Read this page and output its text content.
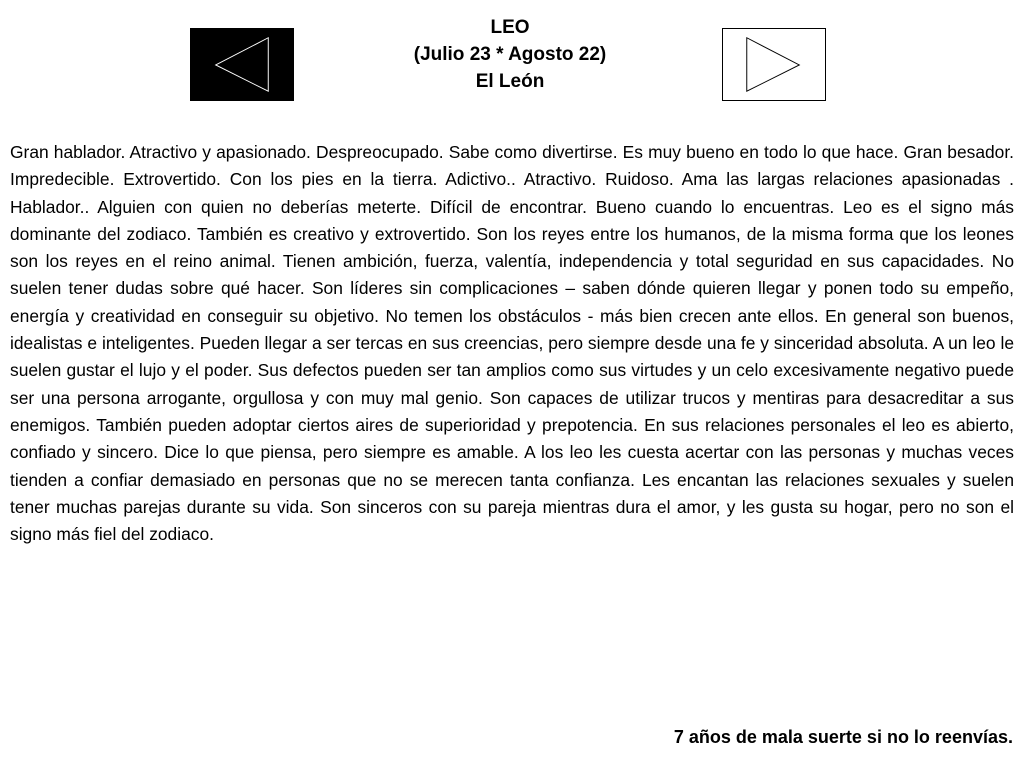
LEO
(Julio 23 * Agosto 22)
El León

Gran hablador. Atractivo y apasionado. Despreocupado. Sabe como divertirse. Es muy bueno en todo lo que hace. Gran besador. Impredecible. Extrovertido. Con los pies en la tierra. Adictivo.. Atractivo. Ruidoso. Ama las largas relaciones apasionadas . Hablador.. Alguien con quien no deberías meterte. Difícil de encontrar. Bueno cuando lo encuentras. Leo es el signo más dominante del zodiaco. También es creativo y extrovertido. Son los reyes entre los humanos, de la misma forma que los leones son los reyes en el reino animal. Tienen ambición, fuerza, valentía, independencia y total seguridad en sus capacidades. No suelen tener dudas sobre qué hacer. Son líderes sin complicaciones – saben dónde quieren llegar y ponen todo su empeño, energía y creatividad en conseguir su objetivo. No temen los obstáculos - más bien crecen ante ellos. En general son buenos, idealistas e inteligentes. Pueden llegar a ser tercas en sus creencias, pero siempre desde una fe y sinceridad absoluta. A un leo le suelen gustar el lujo y el poder. Sus defectos pueden ser tan amplios como sus virtudes y un celo excesivamente negativo puede ser una persona arrogante, orgullosa y con muy mal genio. Son capaces de utilizar trucos y mentiras para desacreditar a sus enemigos. También pueden adoptar ciertos aires de superioridad y prepotencia. En sus relaciones personales el leo es abierto, confiado y sincero. Dice lo que piensa, pero siempre es amable. A los leo les cuesta acertar con las personas y muchas veces tienden a confiar demasiado en personas que no se merecen tanta confianza. Les encantan las relaciones sexuales y suelen tener muchas parejas durante su vida. Son sinceros con su pareja mientras dura el amor, y les gusta su hogar, pero no son el signo más fiel del zodiaco.

7 años de mala suerte si no lo reenvías.
